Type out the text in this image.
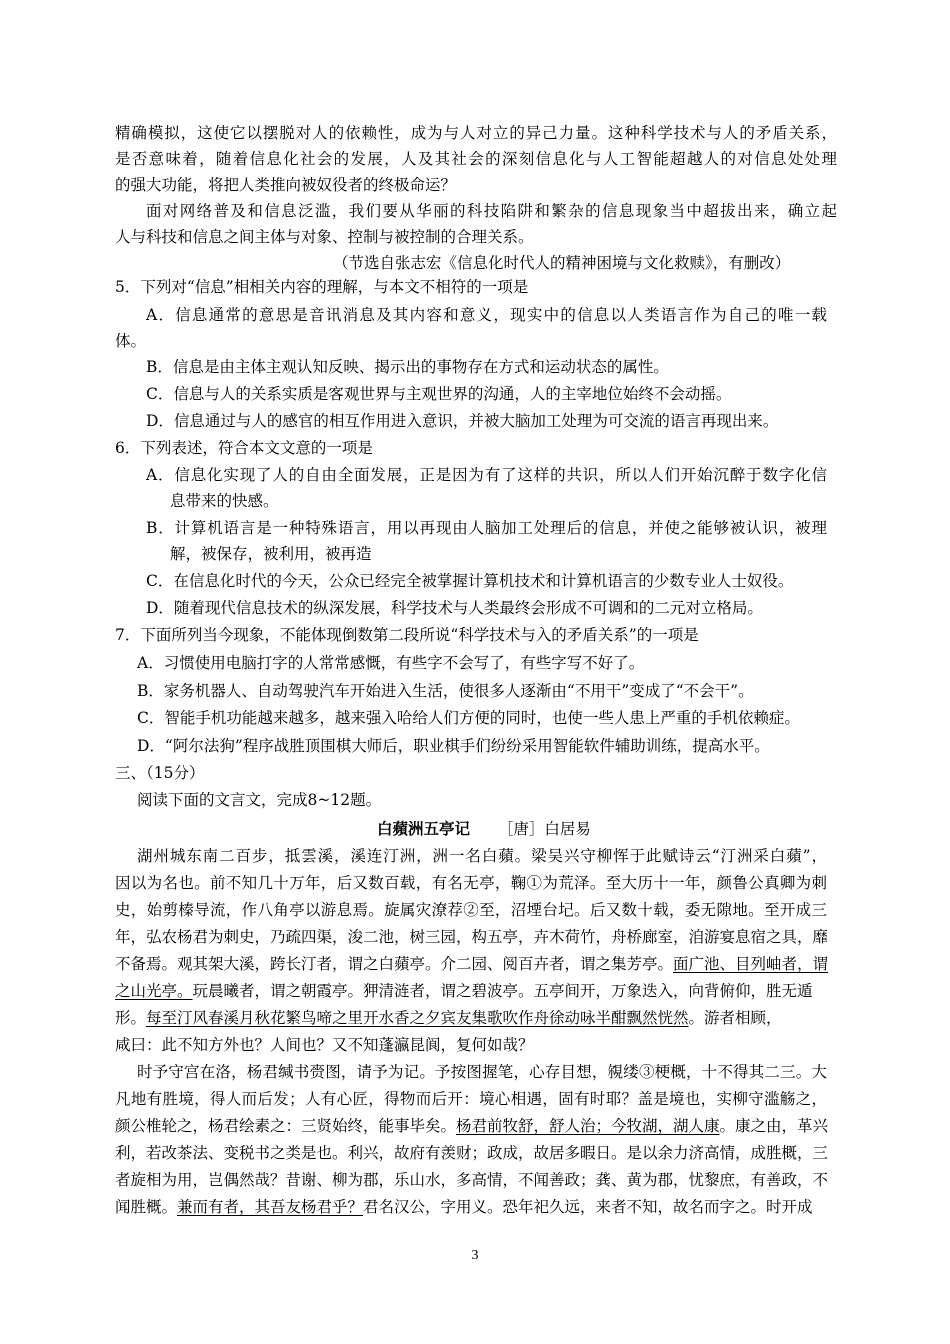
精确模拟，这使它以摆脱对人的依赖性，成为与人对立的异己力量。这种科学技术与人的矛盾关系，
是否意味着，随着信息化社会的发展，人及其社会的深刻信息化与人工智能超越人的对信息处处理
的强大功能，将把人类推向被奴役者的终极命运？
面对网络普及和信息泛滥，我们要从华丽的科技陷阱和繁杂的信息现象当中超拔出来，确立起
人与科技和信息之间主体与对象、控制与被控制的合理关系。
（节选自张志宏《信息化时代人的精神困境与文化救赎》，有删改）
5．下列对“信息”相相关内容的理解，与本文不相符的一项是
A．信息通常的意思是音讯消息及其内容和意义，现实中的信息以人类语言作为自己的唯一载
体。
B．信息是由主体主观认知反映、揭示出的事物存在方式和运动状态的属性。
C．信息与人的关系实质是客观世界与主观世界的沟通，人的主宰地位始终不会动摇。
D．信息通过与人的感官的相互作用进入意识，并被大脑加工处理为可交流的语言再现出来。
6．下列表述，符合本文文意的一项是
A．信息化实现了人的自由全面发展，正是因为有了这样的共识，所以人们开始沉醉于数字化信
息带来的快感。
B．计算机语言是一种特殊语言，用以再现由人脑加工处理后的信息，并使之能够被认识，被理
解，被保存，被利用，被再造
C．在信息化时代的今天，公众已经完全被掌握计算机技术和计算机语言的少数专业人士奴役。
D．随着现代信息技术的纵深发展，科学技术与人类最终会形成不可调和的二元对立格局。
7．下面所列当今现象，不能体现倒数第二段所说“科学技术与入的矛盾关系”的一项是
A．习惯使用电脑打字的人常常感慨，有些字不会写了，有些字写不好了。
B．家务机器人、自动驾驶汽车开始进入生活，使很多人逐渐由“不用干”变成了“不会干”。
C．智能手机功能越来越多，越来强入哈给人们方便的同时，也使一些人患上严重的手机依赖症。
D．“阿尔法狗”程序战胜顶围棋大师后，职业棋手们纷纷采用智能软件辅助训练，提高水平。
三、（15分）
阅读下面的文言文，完成8~12题。
白蘋洲五亭记 ［唐］白居易
湖州城东南二百步，抵雲溪，溪连汀洲，洲一名白蘋。梁吴兴守柳恽于此赋诗云“汀洲采白蘋”，
因以为名也。前不知几十万年，后又数百载，有名无亭，鞠①为荒泽。至大历十一年，颜鲁公真卿为刺
史，始剪榛导流，作八角亭以游息焉。旋属灾潦荐②至，沼堙台圮。后又数十载，委无隙地。至开成三
年，弘农杨君为刺史，乃疏四渠，浚二池，树三园，构五亭，卉木荷竹，舟桥廊室，洎游宴息宿之具，靡
不备焉。观其架大溪，跨长汀者，谓之白蘋亭。介二园、阅百卉者，谓之集芳亭。面广池、目列岫者，谓
之山光亭。玩晨曦者，谓之朝霞亭。狎清涟者，谓之碧波亭。五亭间开，万象迭入，向背俯仰，胜无遁
形。每至汀风春溪月秋花繁鸟啼之里开水香之夕宾友集歌吹作舟徐动咏半酣飘然恍然。游者相顾，
咸曰：此不知方外也？人间也？又不知蓬瀛昆阆，复何如哉？
时予守宫在洛，杨君缄书赍图，请予为记。予按图握笔，心存目想，覙缕③梗概，十不得其二三。大
凡地有胜境，得人而后发；人有心匠，得物而后开：境心相遇，固有时耶？盖是境也，实柳守滥觞之，
颜公椎轮之，杨君绘素之：三贤始终，能事毕矣。杨君前牧舒，舒人治；今牧湖，湖人康。康之由，革兴
利，若改茶法、变税书之类是也。利兴，故府有羡财；政成，故居多暇日。是以余力济高情，成胜概，三
者旋相为用，岂偶然哉？昔谢、柳为郡，乐山水，多高情，不闻善政；龚、黄为郡，忧黎庶，有善政，不
闻胜概。兼而有者，其吾友杨君乎？君名汉公，字用义。恐年祀久远，来者不知，故名而字之。时开成
3
